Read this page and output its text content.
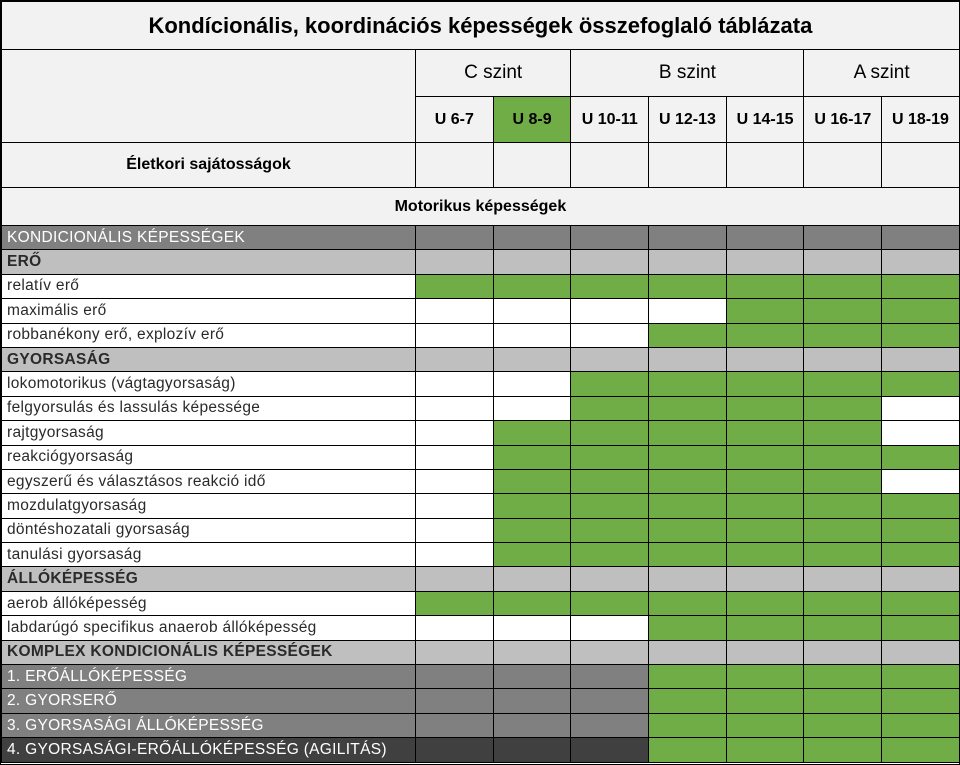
Kondícionális, koordinációs képességek összefoglaló táblázata							
	C szint		B szint			A szint	
	U 6-7	U 8-9	U 10-11	U 12-13	U 14-15	U 16-17	U 18-19
Életkori sajátosságok							
Motorikus képességek							
KONDICIONÁLIS KÉPESSÉGEK							
ERŐ							
relatív erő							
maximális erő							
robbanékony erő, explozív erő							
GYORSASÁG							
lokomotorikus (vágtagyorsaság)							
felgyorsulás és lassulás képessége							
rajtgyorsaság							
reakciógyorsaság							
egyszerű és választásos reakció idő							
mozdulatgyorsaság							
döntéshozatali gyorsaság							
tanulási gyorsaság							
ÁLLÓKÉPESSÉG							
aerob állóképesség							
labdarúgó specifikus anaerob állóképesség							
KOMPLEX KONDICIONÁLIS KÉPESSÉGEK							
1. ERŐÁLLÓKÉPESSÉG							
2. GYORSERŐ							
3. GYORSASÁGI ÁLLÓKÉPESSÉG							
4. GYORSASÁGI-ERŐÁLLÓKÉPESSÉG (AGILITÁS)							
